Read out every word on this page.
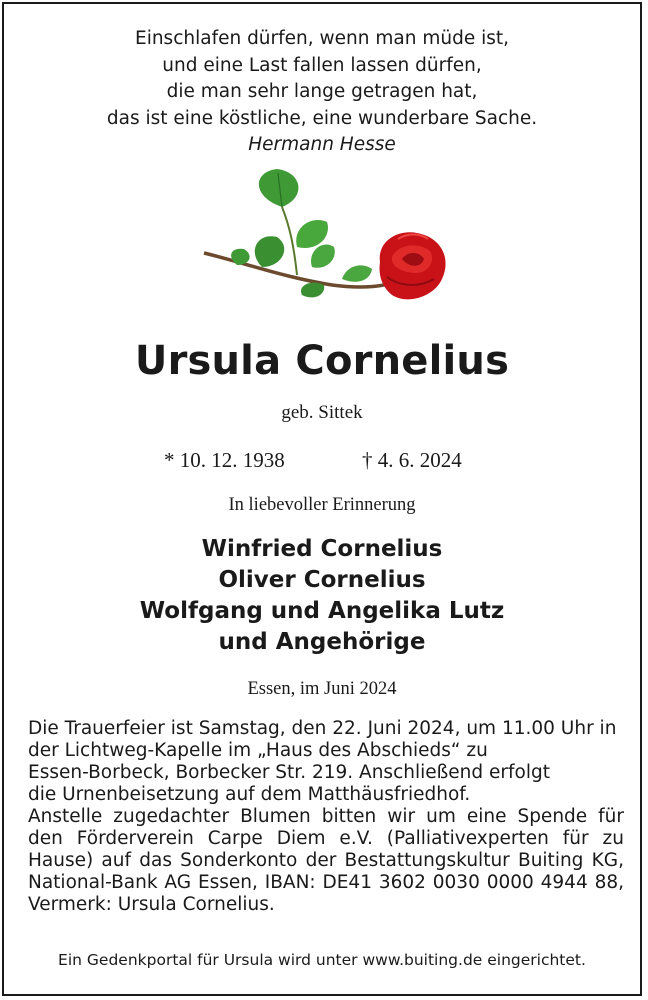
Einschlafen dürfen, wenn man müde ist,
und eine Last fallen lassen dürfen,
die man sehr lange getragen hat,
das ist eine köstliche, eine wunderbare Sache.
Hermann Hesse
Ursula Cornelius
geb. Sittek
* 10. 12. 1938	† 4. 6. 2024
In liebevoller Erinnerung
Winfried Cornelius
Oliver Cornelius
Wolfgang und Angelika Lutz
und Angehörige
Essen, im Juni 2024
Die Trauerfeier ist Samstag, den 22. Juni 2024, um 11.00 Uhr in
der Lichtweg-Kapelle im „Haus des Abschieds“ zu
Essen-Borbeck, Borbecker Str. 219. Anschließend erfolgt
die Urnenbeisetzung auf dem Matthäusfriedhof.
Anstelle zugedachter Blumen bitten wir um eine Spende für
den Förderverein Carpe Diem e.V. (Palliativexperten für zu
Hause) auf das Sonderkonto der Bestattungskultur Buiting KG,
National-Bank AG Essen, IBAN: DE41 3602 0030 0000 4944 88,
Vermerk: Ursula Cornelius.
Ein Gedenkportal für Ursula wird unter www.buiting.de eingerichtet.
